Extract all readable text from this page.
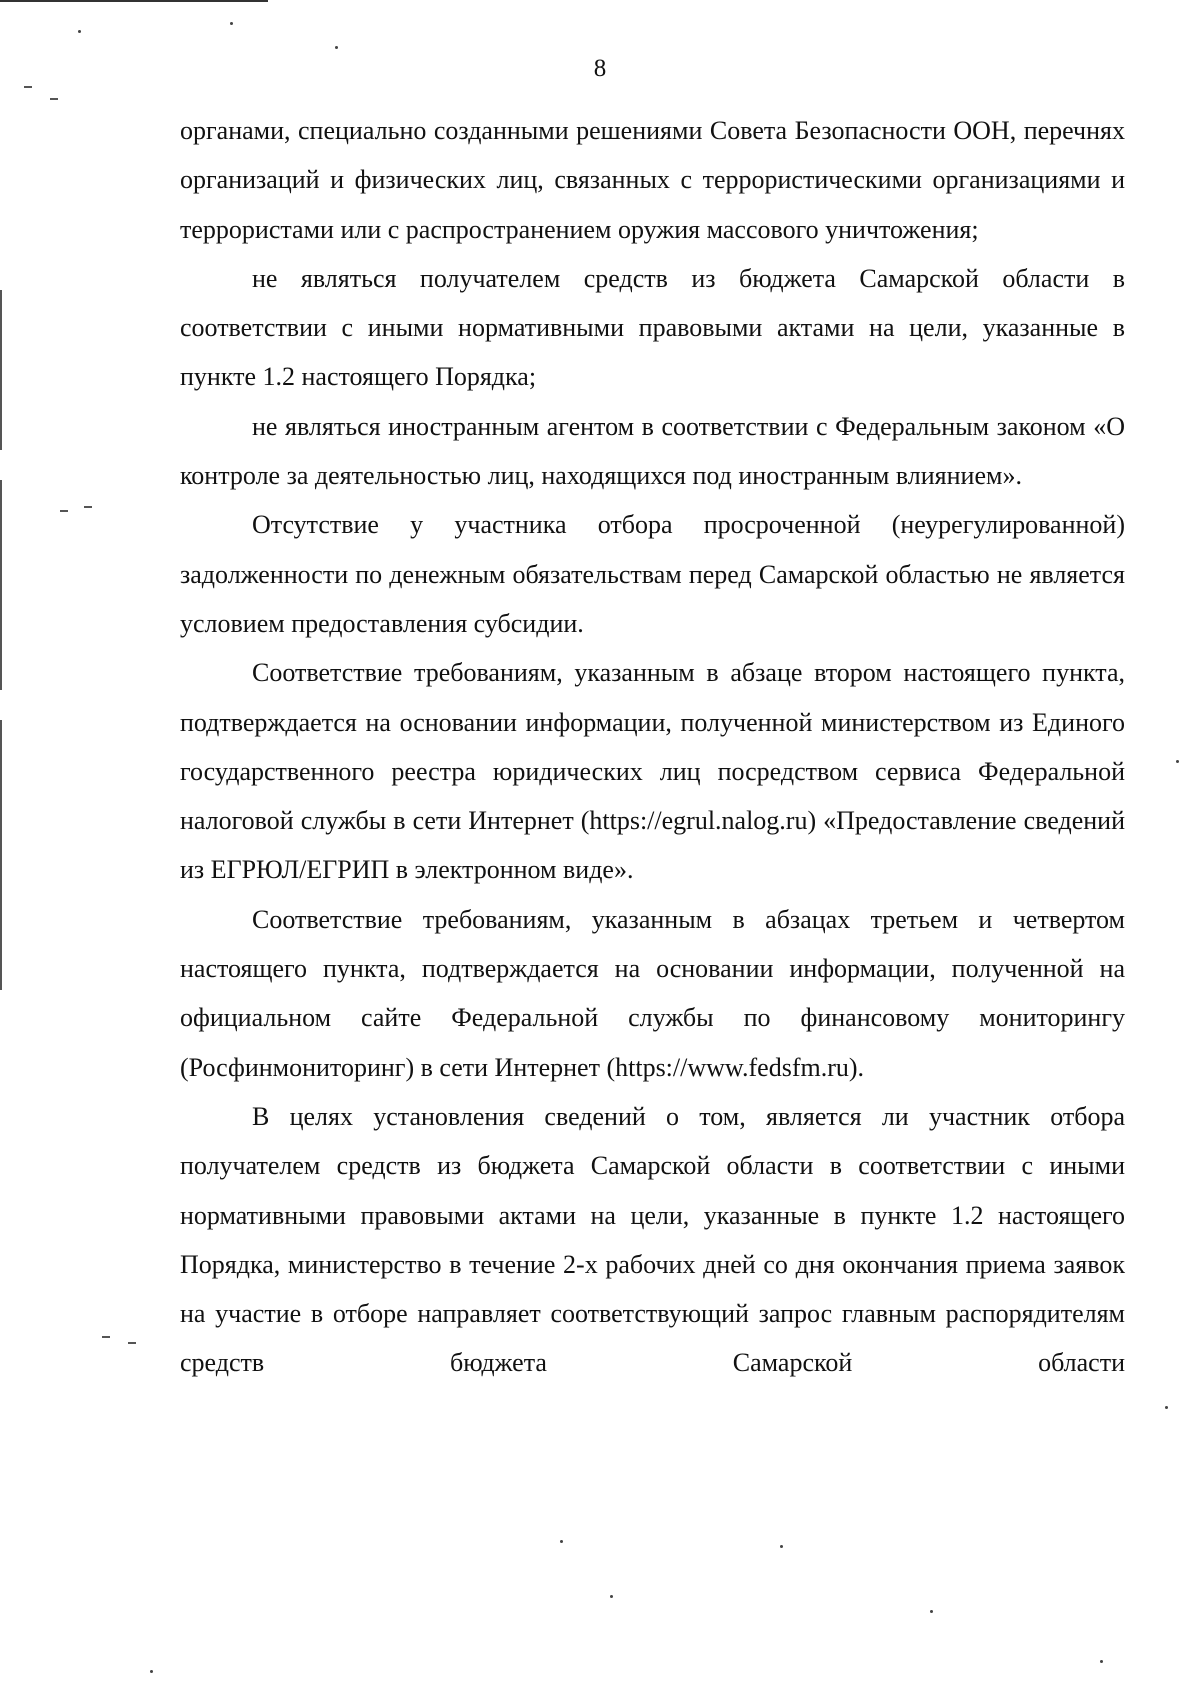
8

органами, специально созданными решениями Совета Безопасности ООН, перечнях организаций и физических лиц, связанных с террористическими организациями и террористами или с распространением оружия массового уничтожения;

не являться получателем средств из бюджета Самарской области в соответствии с иными нормативными правовыми актами на цели, указанные в пункте 1.2 настоящего Порядка;

не являться иностранным агентом в соответствии с Федеральным законом «О контроле за деятельностью лиц, находящихся под иностранным влиянием».

Отсутствие у участника отбора просроченной (неурегулированной) задолженности по денежным обязательствам перед Самарской областью не является условием предоставления субсидии.

Соответствие требованиям, указанным в абзаце втором настоящего пункта, подтверждается на основании информации, полученной министерством из Единого государственного реестра юридических лиц посредством сервиса Федеральной налоговой службы в сети Интернет (https://egrul.nalog.ru) «Предоставление сведений из ЕГРЮЛ/ЕГРИП в электронном виде».

Соответствие требованиям, указанным в абзацах третьем и четвертом настоящего пункта, подтверждается на основании информации, полученной на официальном сайте Федеральной службы по финансовому мониторингу (Росфинмониторинг) в сети Интернет (https://www.fedsfm.ru).

В целях установления сведений о том, является ли участник отбора получателем средств из бюджета Самарской области в соответствии с иными нормативными правовыми актами на цели, указанные в пункте 1.2 настоящего Порядка, министерство в течение 2-х рабочих дней со дня окончания приема заявок на участие в отборе направляет соответствующий запрос главным распорядителям средств бюджета Самарской области
